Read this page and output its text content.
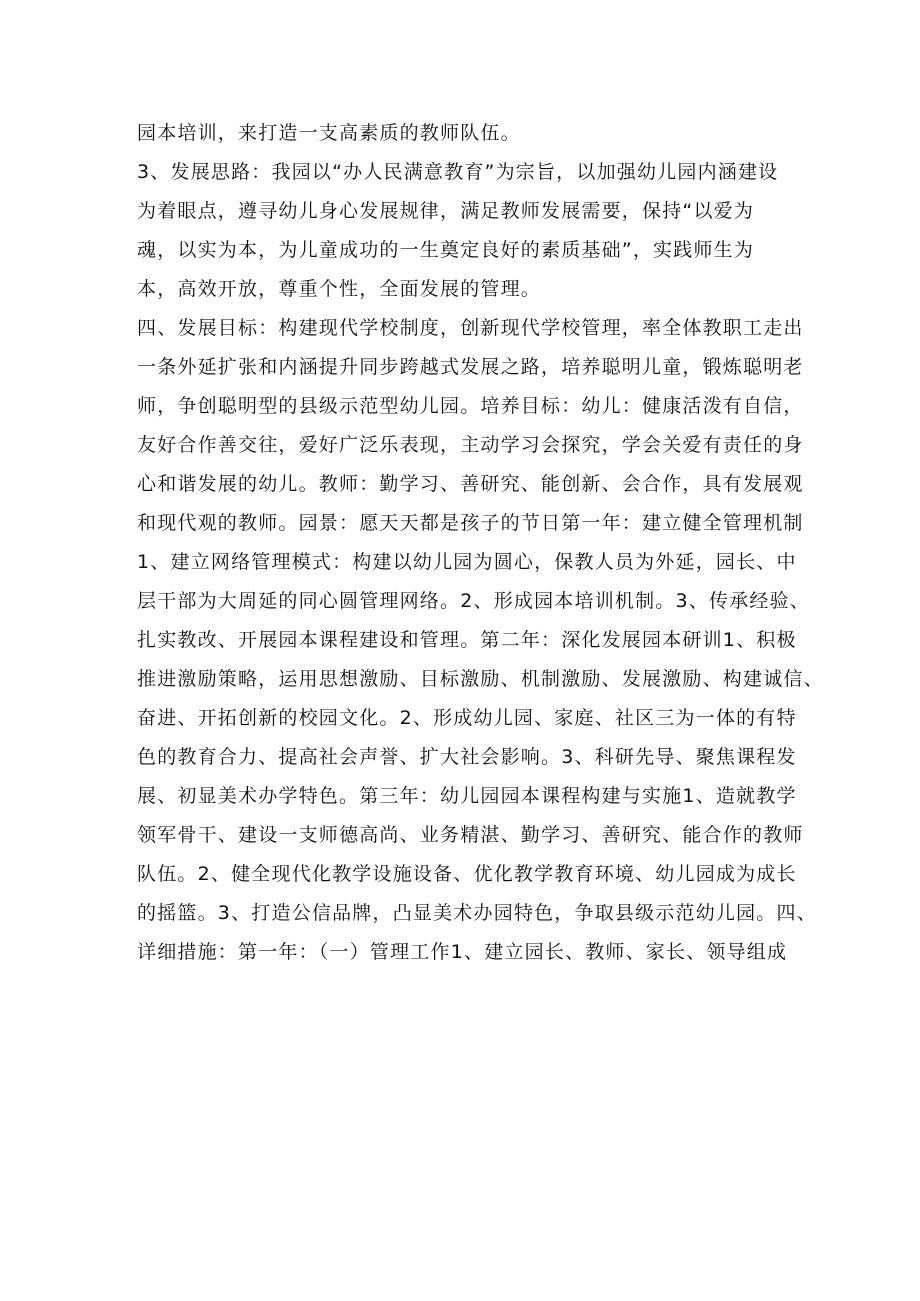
园本培训，来打造一支高素质的教师队伍。
3、发展思路：我园以“办人民满意教育”为宗旨，以加强幼儿园内涵建设
为着眼点，遵寻幼儿身心发展规律，满足教师发展需要，保持“以爱为
魂，以实为本，为儿童成功的一生奠定良好的素质基础”，实践师生为
本，高效开放，尊重个性，全面发展的管理。
四、发展目标：构建现代学校制度，创新现代学校管理，率全体教职工走出
一条外延扩张和内涵提升同步跨越式发展之路，培养聪明儿童，锻炼聪明老
师，争创聪明型的县级示范型幼儿园。培养目标：幼儿：健康活泼有自信，
友好合作善交往，爱好广泛乐表现，主动学习会探究，学会关爱有责任的身
心和谐发展的幼儿。教师：勤学习、善研究、能创新、会合作，具有发展观
和现代观的教师。园景：愿天天都是孩子的节日第一年：建立健全管理机制
1、建立网络管理模式：构建以幼儿园为圆心，保教人员为外延，园长、中
层干部为大周延的同心圆管理网络。2、形成园本培训机制。3、传承经验、
扎实教改、开展园本课程建设和管理。第二年：深化发展园本研训1、积极
推进激励策略，运用思想激励、目标激励、机制激励、发展激励、构建诚信、
奋进、开拓创新的校园文化。2、形成幼儿园、家庭、社区三为一体的有特
色的教育合力、提高社会声誉、扩大社会影响。3、科研先导、聚焦课程发
展、初显美术办学特色。第三年：幼儿园园本课程构建与实施1、造就教学
领军骨干、建设一支师德高尚、业务精湛、勤学习、善研究、能合作的教师
队伍。2、健全现代化教学设施设备、优化教学教育环境、幼儿园成为成长
的摇篮。3、打造公信品牌，凸显美术办园特色，争取县级示范幼儿园。四、
详细措施：第一年：（一）管理工作1、建立园长、教师、家长、领导组成
